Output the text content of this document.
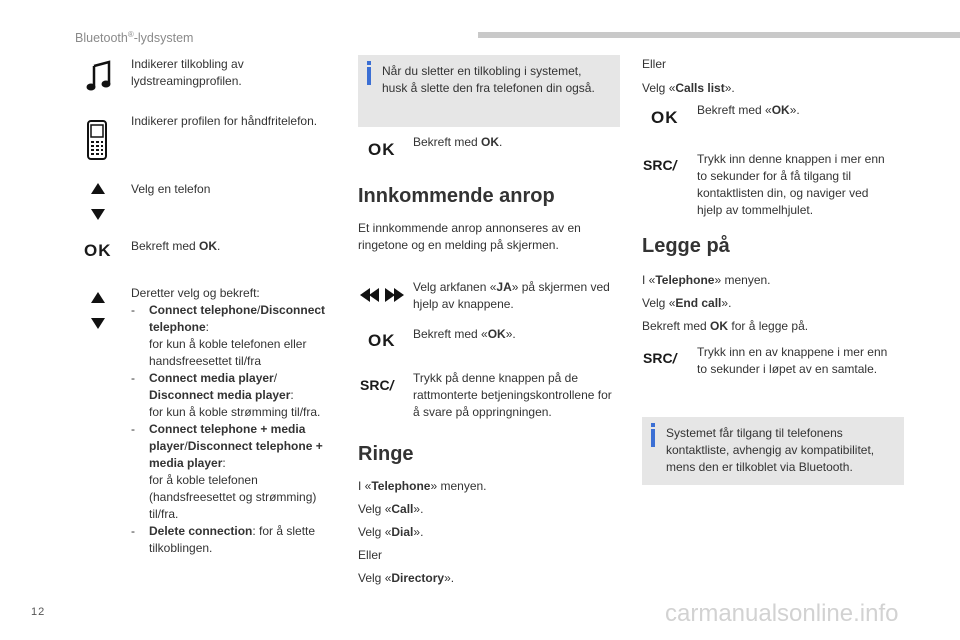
Bluetooth®-lydsystem
Indikerer tilkobling av lydstreamingprofilen.
Indikerer profilen for håndfritelefon.
Velg en telefon
OK Bekreft med OK.
Deretter velg og bekreft:
- Connect telephone/Disconnect telephone:
for kun å koble telefonen eller handsfreesettet til/fra
- Connect media player/
Disconnect media player:
for kun å koble strømming til/fra.
- Connect telephone + media player/Disconnect telephone + media player:
for å koble telefonen (handsfreesettet og strømming) til/fra.
- Delete connection: for å slette tilkoblingen.
Når du sletter en tilkobling i systemet, husk å slette den fra telefonen din også.
OK Bekreft med OK.
Innkommende anrop
Et innkommende anrop annonseres av en ringetone og en melding på skjermen.
Velg arkfanen «JA» på skjermen ved hjelp av knappene.
OK Bekreft med «OK».
SRC/ Trykk på denne knappen på de rattmonterte betjeningskontrollene for å svare på oppringningen.
Ringe
I «Telephone» menyen.
Velg «Call».
Velg «Dial».
Eller
Velg «Directory».
Eller
Velg «Calls list».
OK Bekreft med «OK».
SRC/ Trykk inn denne knappen i mer enn to sekunder for å få tilgang til kontaktlisten din, og naviger ved hjelp av tommelhjulet.
Legge på
I «Telephone» menyen.
Velg «End call».
Bekreft med OK for å legge på.
SRC/ Trykk inn en av knappene i mer enn to sekunder i løpet av en samtale.
Systemet får tilgang til telefonens kontaktliste, avhengig av kompatibilitet, mens den er tilkoblet via Bluetooth.
12	carmanualsonline.info
